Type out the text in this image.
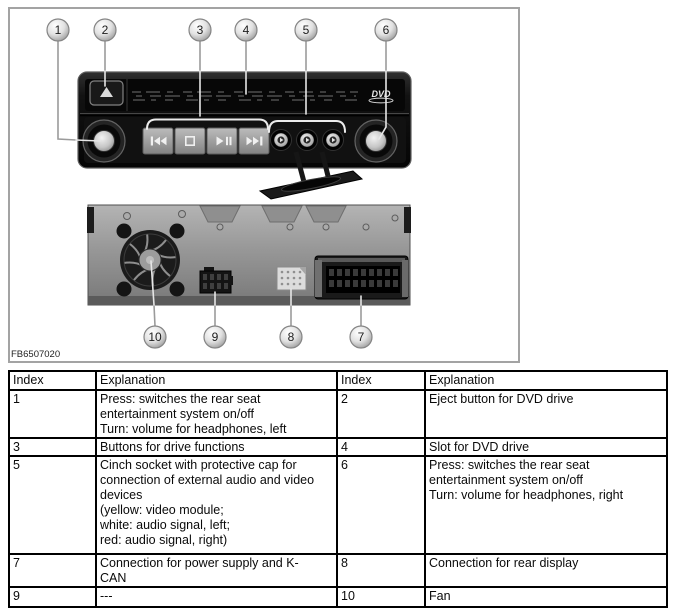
DVD
1	2	3	4	5	6
10	9	8	7
FB6507020
Index	Explanation	Index	Explanation
1	Press: switches the rear seat
entertainment system on/off
Turn: volume for headphones, left	2	Eject button for DVD drive
3	Buttons for drive functions	4	Slot for DVD drive
5	Cinch socket with protective cap for
connection of external audio and video
devices
(yellow: video module;
white: audio signal, left;
red: audio signal, right)	6	Press: switches the rear seat
entertainment system on/off
Turn: volume for headphones, right
7	Connection for power supply and K-
CAN	8	Connection for rear display
9	---	10	Fan
